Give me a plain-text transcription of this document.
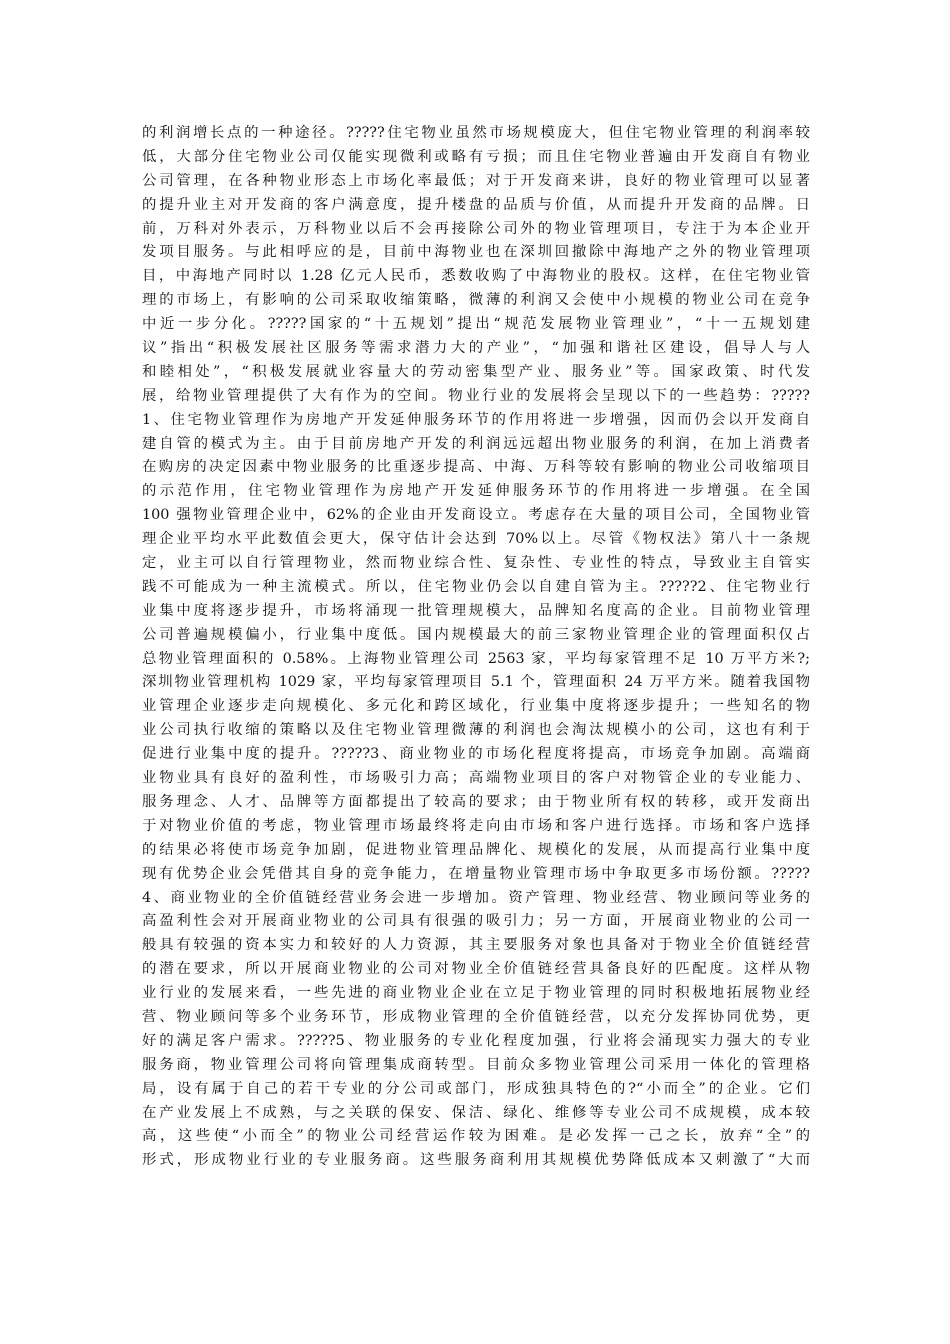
的利润增长点的一种途径。?????住宅物业虽然市场规模庞大，但住宅物业管理的利润率较
低，大部分住宅物业公司仅能实现微利或略有亏损；而且住宅物业普遍由开发商自有物业
公司管理，在各种物业形态上市场化率最低；对于开发商来讲，良好的物业管理可以显著
的提升业主对开发商的客户满意度，提升楼盘的品质与价值，从而提升开发商的品牌。日
前，万科对外表示，万科物业以后不会再接除公司外的物业管理项目，专注于为本企业开
发项目服务。与此相呼应的是，目前中海物业也在深圳回撤除中海地产之外的物业管理项
目，中海地产同时以 1.28 亿元人民币，悉数收购了中海物业的股权。这样，在住宅物业管
理的市场上，有影响的公司采取收缩策略，微薄的利润又会使中小规模的物业公司在竞争
中近一步分化。?????国家的“十五规划”提出“规范发展物业管理业”，“十一五规划建
议”指出“积极发展社区服务等需求潜力大的产业”，“加强和谐社区建设，倡导人与人
和睦相处”，“积极发展就业容量大的劳动密集型产业、服务业”等。国家政策、时代发
展，给物业管理提供了大有作为的空间。物业行业的发展将会呈现以下的一些趋势：?????
1、住宅物业管理作为房地产开发延伸服务环节的作用将进一步增强，因而仍会以开发商自
建自管的模式为主。由于目前房地产开发的利润远远超出物业服务的利润，在加上消费者
在购房的决定因素中物业服务的比重逐步提高、中海、万科等较有影响的物业公司收缩项目
的示范作用，住宅物业管理作为房地产开发延伸服务环节的作用将进一步增强。在全国
100 强物业管理企业中，62%的企业由开发商设立。考虑存在大量的项目公司，全国物业管
理企业平均水平此数值会更大，保守估计会达到 70%以上。尽管《物权法》第八十一条规
定，业主可以自行管理物业，然而物业综合性、复杂性、专业性的特点，导致业主自管实
践不可能成为一种主流模式。所以，住宅物业仍会以自建自管为主。?????2、住宅物业行
业集中度将逐步提升，市场将涌现一批管理规模大，品牌知名度高的企业。目前物业管理
公司普遍规模偏小，行业集中度低。国内规模最大的前三家物业管理企业的管理面积仅占
总物业管理面积的 0.58%。上海物业管理公司 2563 家，平均每家管理不足 10 万平方米?;
深圳物业管理机构 1029 家，平均每家管理项目 5.1 个，管理面积 24 万平方米。随着我国物
业管理企业逐步走向规模化、多元化和跨区域化，行业集中度将逐步提升；一些知名的物
业公司执行收缩的策略以及住宅物业管理微薄的利润也会淘汰规模小的公司，这也有利于
促进行业集中度的提升。?????3、商业物业的市场化程度将提高，市场竞争加剧。高端商
业物业具有良好的盈利性，市场吸引力高；高端物业项目的客户对物管企业的专业能力、
服务理念、人才、品牌等方面都提出了较高的要求；由于物业所有权的转移，或开发商出
于对物业价值的考虑，物业管理市场最终将走向由市场和客户进行选择。市场和客户选择
的结果必将使市场竞争加剧，促进物业管理品牌化、规模化的发展，从而提高行业集中度
现有优势企业会凭借其自身的竞争能力，在增量物业管理市场中争取更多市场份额。?????
4、商业物业的全价值链经营业务会进一步增加。资产管理、物业经营、物业顾问等业务的
高盈利性会对开展商业物业的公司具有很强的吸引力；另一方面，开展商业物业的公司一
般具有较强的资本实力和较好的人力资源，其主要服务对象也具备对于物业全价值链经营
的潜在要求，所以开展商业物业的公司对物业全价值链经营具备良好的匹配度。这样从物
业行业的发展来看，一些先进的商业物业企业在立足于物业管理的同时积极地拓展物业经
营、物业顾问等多个业务环节，形成物业管理的全价值链经营，以充分发挥协同优势，更
好的满足客户需求。?????5、物业服务的专业化程度加强，行业将会涌现实力强大的专业
服务商，物业管理公司将向管理集成商转型。目前众多物业管理公司采用一体化的管理格
局，设有属于自己的若干专业的分公司或部门，形成独具特色的?“小而全”的企业。它们
在产业发展上不成熟，与之关联的保安、保洁、绿化、维修等专业公司不成规模，成本较
高，这些使“小而全”的物业公司经营运作较为困难。是必发挥一己之长，放弃“全”的
形式，形成物业行业的专业服务商。这些服务商利用其规模优势降低成本又刺激了“大而
